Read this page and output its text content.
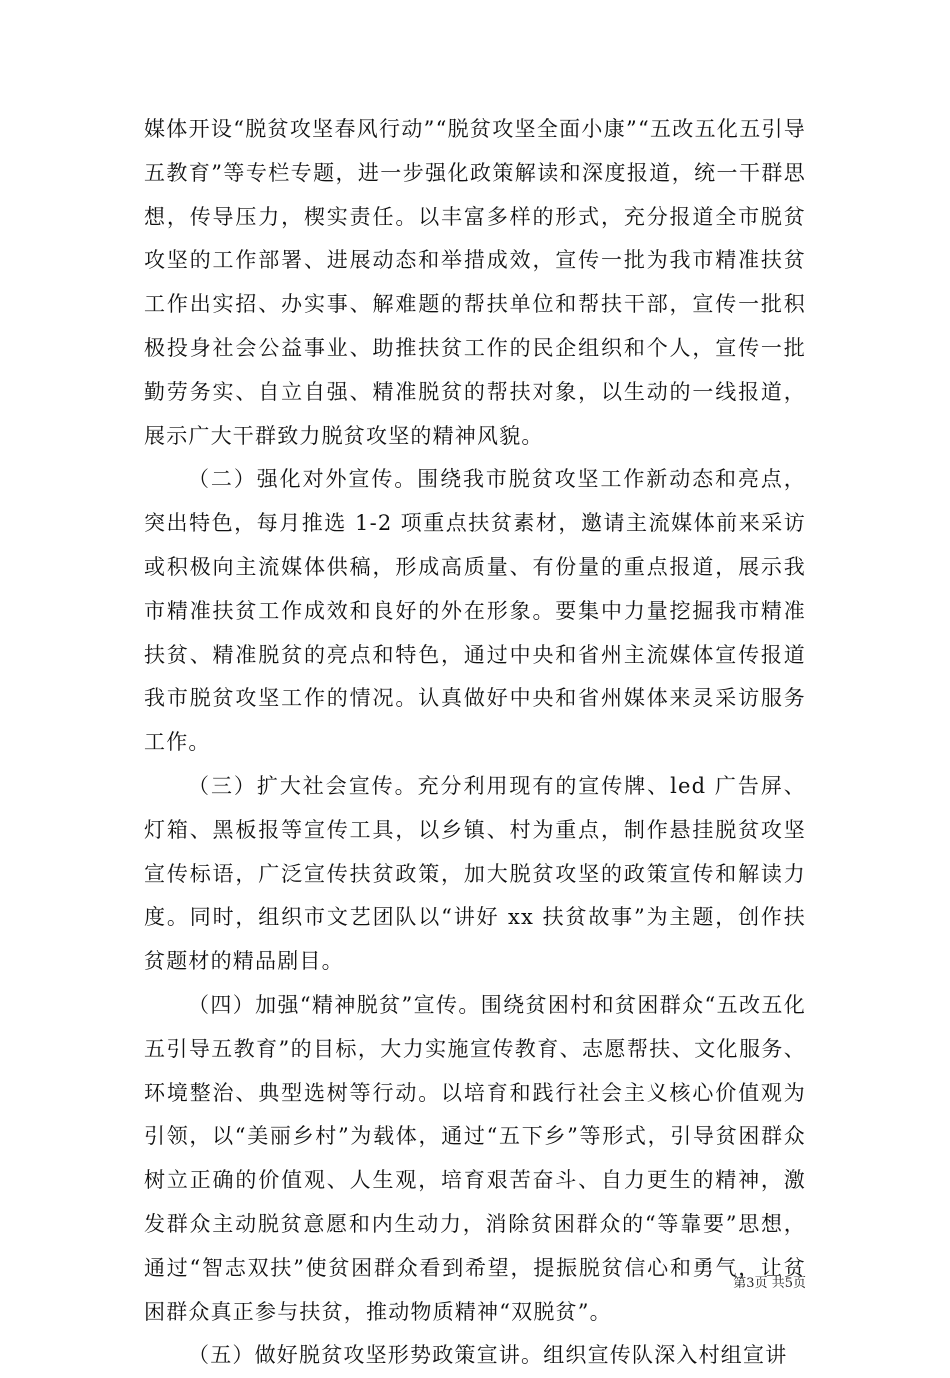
媒体开设“脱贫攻坚春风行动”“脱贫攻坚全面小康”“五改五化五引导五教育”等专栏专题，进一步强化政策解读和深度报道，统一干群思想，传导压力，楔实责任。以丰富多样的形式，充分报道全市脱贫攻坚的工作部署、进展动态和举措成效，宣传一批为我市精准扶贫工作出实招、办实事、解难题的帮扶单位和帮扶干部，宣传一批积极投身社会公益事业、助推扶贫工作的民企组织和个人，宣传一批勤劳务实、自立自强、精准脱贫的帮扶对象，以生动的一线报道，展示广大干群致力脱贫攻坚的精神风貌。

（二）强化对外宣传。围绕我市脱贫攻坚工作新动态和亮点，突出特色，每月推选 1-2 项重点扶贫素材，邀请主流媒体前来采访或积极向主流媒体供稿，形成高质量、有份量的重点报道，展示我市精准扶贫工作成效和良好的外在形象。要集中力量挖掘我市精准扶贫、精准脱贫的亮点和特色，通过中央和省州主流媒体宣传报道我市脱贫攻坚工作的情况。认真做好中央和省州媒体来灵采访服务工作。

（三）扩大社会宣传。充分利用现有的宣传牌、led 广告屏、灯箱、黑板报等宣传工具，以乡镇、村为重点，制作悬挂脱贫攻坚宣传标语，广泛宣传扶贫政策，加大脱贫攻坚的政策宣传和解读力度。同时，组织市文艺团队以“讲好 xx 扶贫故事”为主题，创作扶贫题材的精品剧目。

（四）加强“精神脱贫”宣传。围绕贫困村和贫困群众“五改五化五引导五教育”的目标，大力实施宣传教育、志愿帮扶、文化服务、环境整治、典型选树等行动。以培育和践行社会主义核心价值观为引领，以“美丽乡村”为载体，通过“五下乡”等形式，引导贫困群众树立正确的价值观、人生观，培育艰苦奋斗、自力更生的精神，激发群众主动脱贫意愿和内生动力，消除贫困群众的“等靠要”思想，通过“智志双扶”使贫困群众看到希望，提振脱贫信心和勇气，让贫困群众真正参与扶贫，推动物质精神“双脱贫”。

（五）做好脱贫攻坚形势政策宣讲。组织宣传队深入村组宣讲

第3页 共5页
